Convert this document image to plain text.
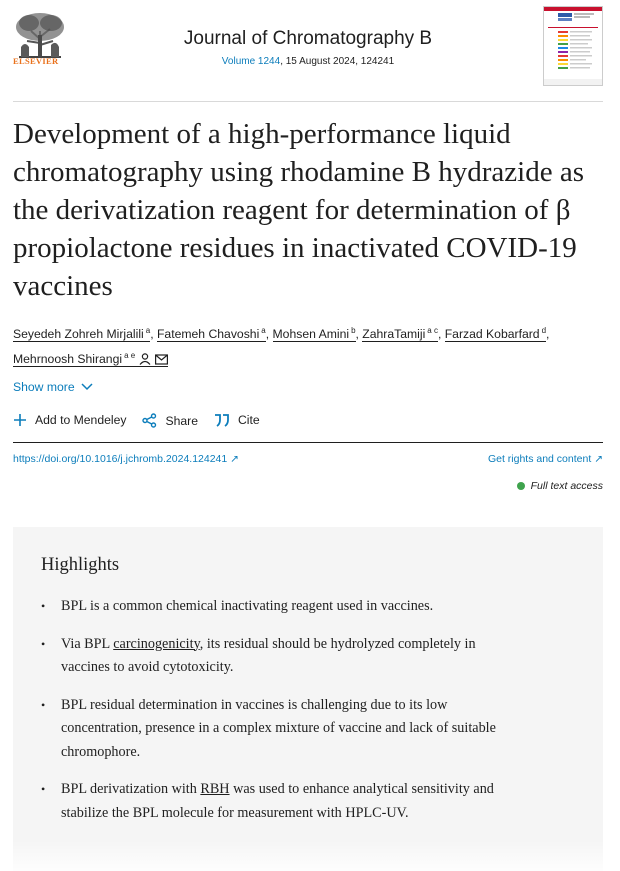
ELSEVIER
Journal of Chromatography B
Volume 1244, 15 August 2024, 124241
Development of a high-performance liquid chromatography using rhodamine B hydrazide as the derivatization reagent for determination of β propiolactone residues in inactivated COVID-19 vaccines
Seyedeh Zohreh Mirjalili $^a$, Fatemeh Chavoshi $^a$, Mohsen Amini $^b$, ZahraTamiji $^{a c}$, Farzad Kobarfard $^d$, Mehrnoosh Shirangi $^{a e}$
Show more
Add to Mendeley	Share	Cite
https://doi.org/10.1016/j.jchromb.2024.124241 ↗	Get rights and content ↗
Full text access
Highlights
• BPL is a common chemical inactivating reagent used in vaccines.
• Via BPL carcinogenicity, its residual should be hydrolyzed completely in vaccines to avoid cytotoxicity.
• BPL residual determination in vaccines is challenging due to its low concentration, presence in a complex mixture of vaccine and lack of suitable chromophore.
• BPL derivatization with RBH was used to enhance analytical sensitivity and stabilize the BPL molecule for measurement with HPLC-UV.
